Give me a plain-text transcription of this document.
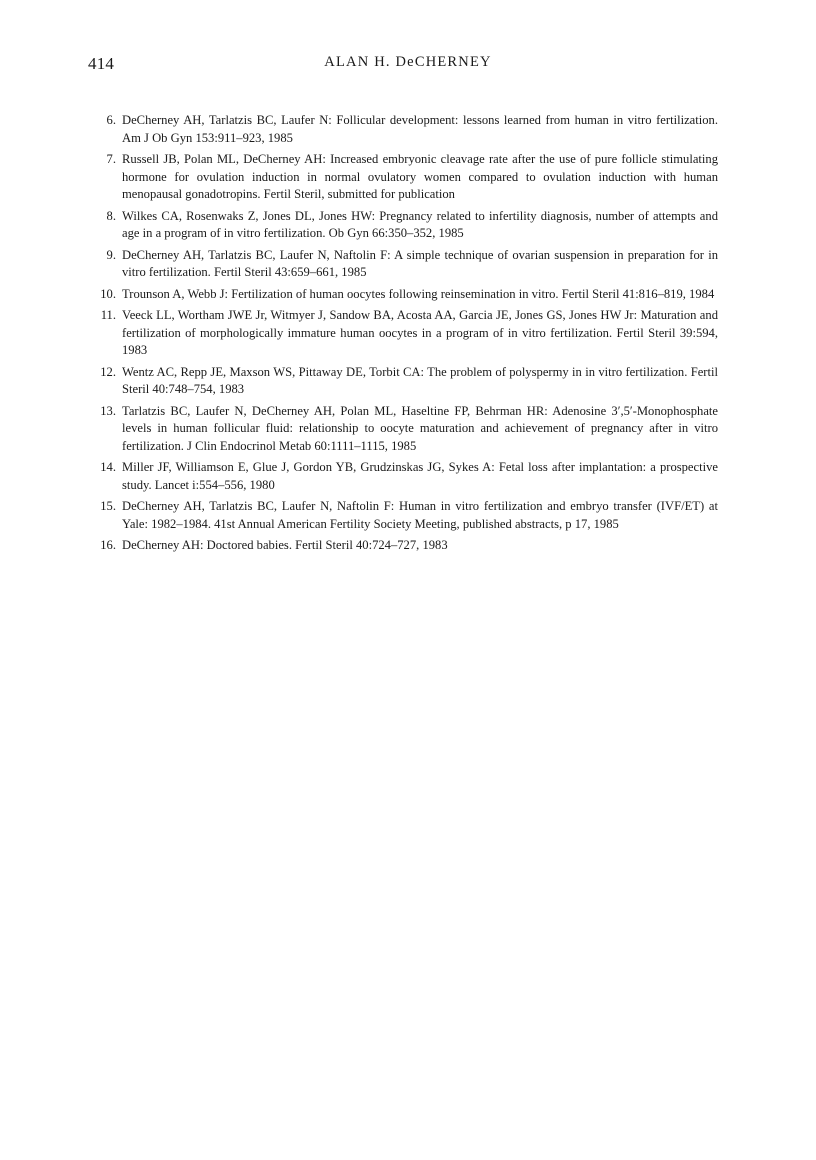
414	ALAN H. DeCHERNEY
6. DeCherney AH, Tarlatzis BC, Laufer N: Follicular development: lessons learned from human in vitro fertilization. Am J Ob Gyn 153:911–923, 1985
7. Russell JB, Polan ML, DeCherney AH: Increased embryonic cleavage rate after the use of pure follicle stimulating hormone for ovulation induction in normal ovulatory women compared to ovulation induction with human menopausal gonadotropins. Fertil Steril, submitted for publication
8. Wilkes CA, Rosenwaks Z, Jones DL, Jones HW: Pregnancy related to infertility diagnosis, number of attempts and age in a program of in vitro fertilization. Ob Gyn 66:350–352, 1985
9. DeCherney AH, Tarlatzis BC, Laufer N, Naftolin F: A simple technique of ovarian suspension in preparation for in vitro fertilization. Fertil Steril 43:659–661, 1985
10. Trounson A, Webb J: Fertilization of human oocytes following reinsemination in vitro. Fertil Steril 41:816–819, 1984
11. Veeck LL, Wortham JWE Jr, Witmyer J, Sandow BA, Acosta AA, Garcia JE, Jones GS, Jones HW Jr: Maturation and fertilization of morphologically immature human oocytes in a program of in vitro fertilization. Fertil Steril 39:594, 1983
12. Wentz AC, Repp JE, Maxson WS, Pittaway DE, Torbit CA: The problem of polyspermy in in vitro fertilization. Fertil Steril 40:748–754, 1983
13. Tarlatzis BC, Laufer N, DeCherney AH, Polan ML, Haseltine FP, Behrman HR: Adenosine 3′,5′-Monophosphate levels in human follicular fluid: relationship to oocyte maturation and achievement of pregnancy after in vitro fertilization. J Clin Endocrinol Metab 60:1111–1115, 1985
14. Miller JF, Williamson E, Glue J, Gordon YB, Grudzinskas JG, Sykes A: Fetal loss after implantation: a prospective study. Lancet i:554–556, 1980
15. DeCherney AH, Tarlatzis BC, Laufer N, Naftolin F: Human in vitro fertilization and embryo transfer (IVF/ET) at Yale: 1982–1984. 41st Annual American Fertility Society Meeting, published abstracts, p 17, 1985
16. DeCherney AH: Doctored babies. Fertil Steril 40:724–727, 1983
